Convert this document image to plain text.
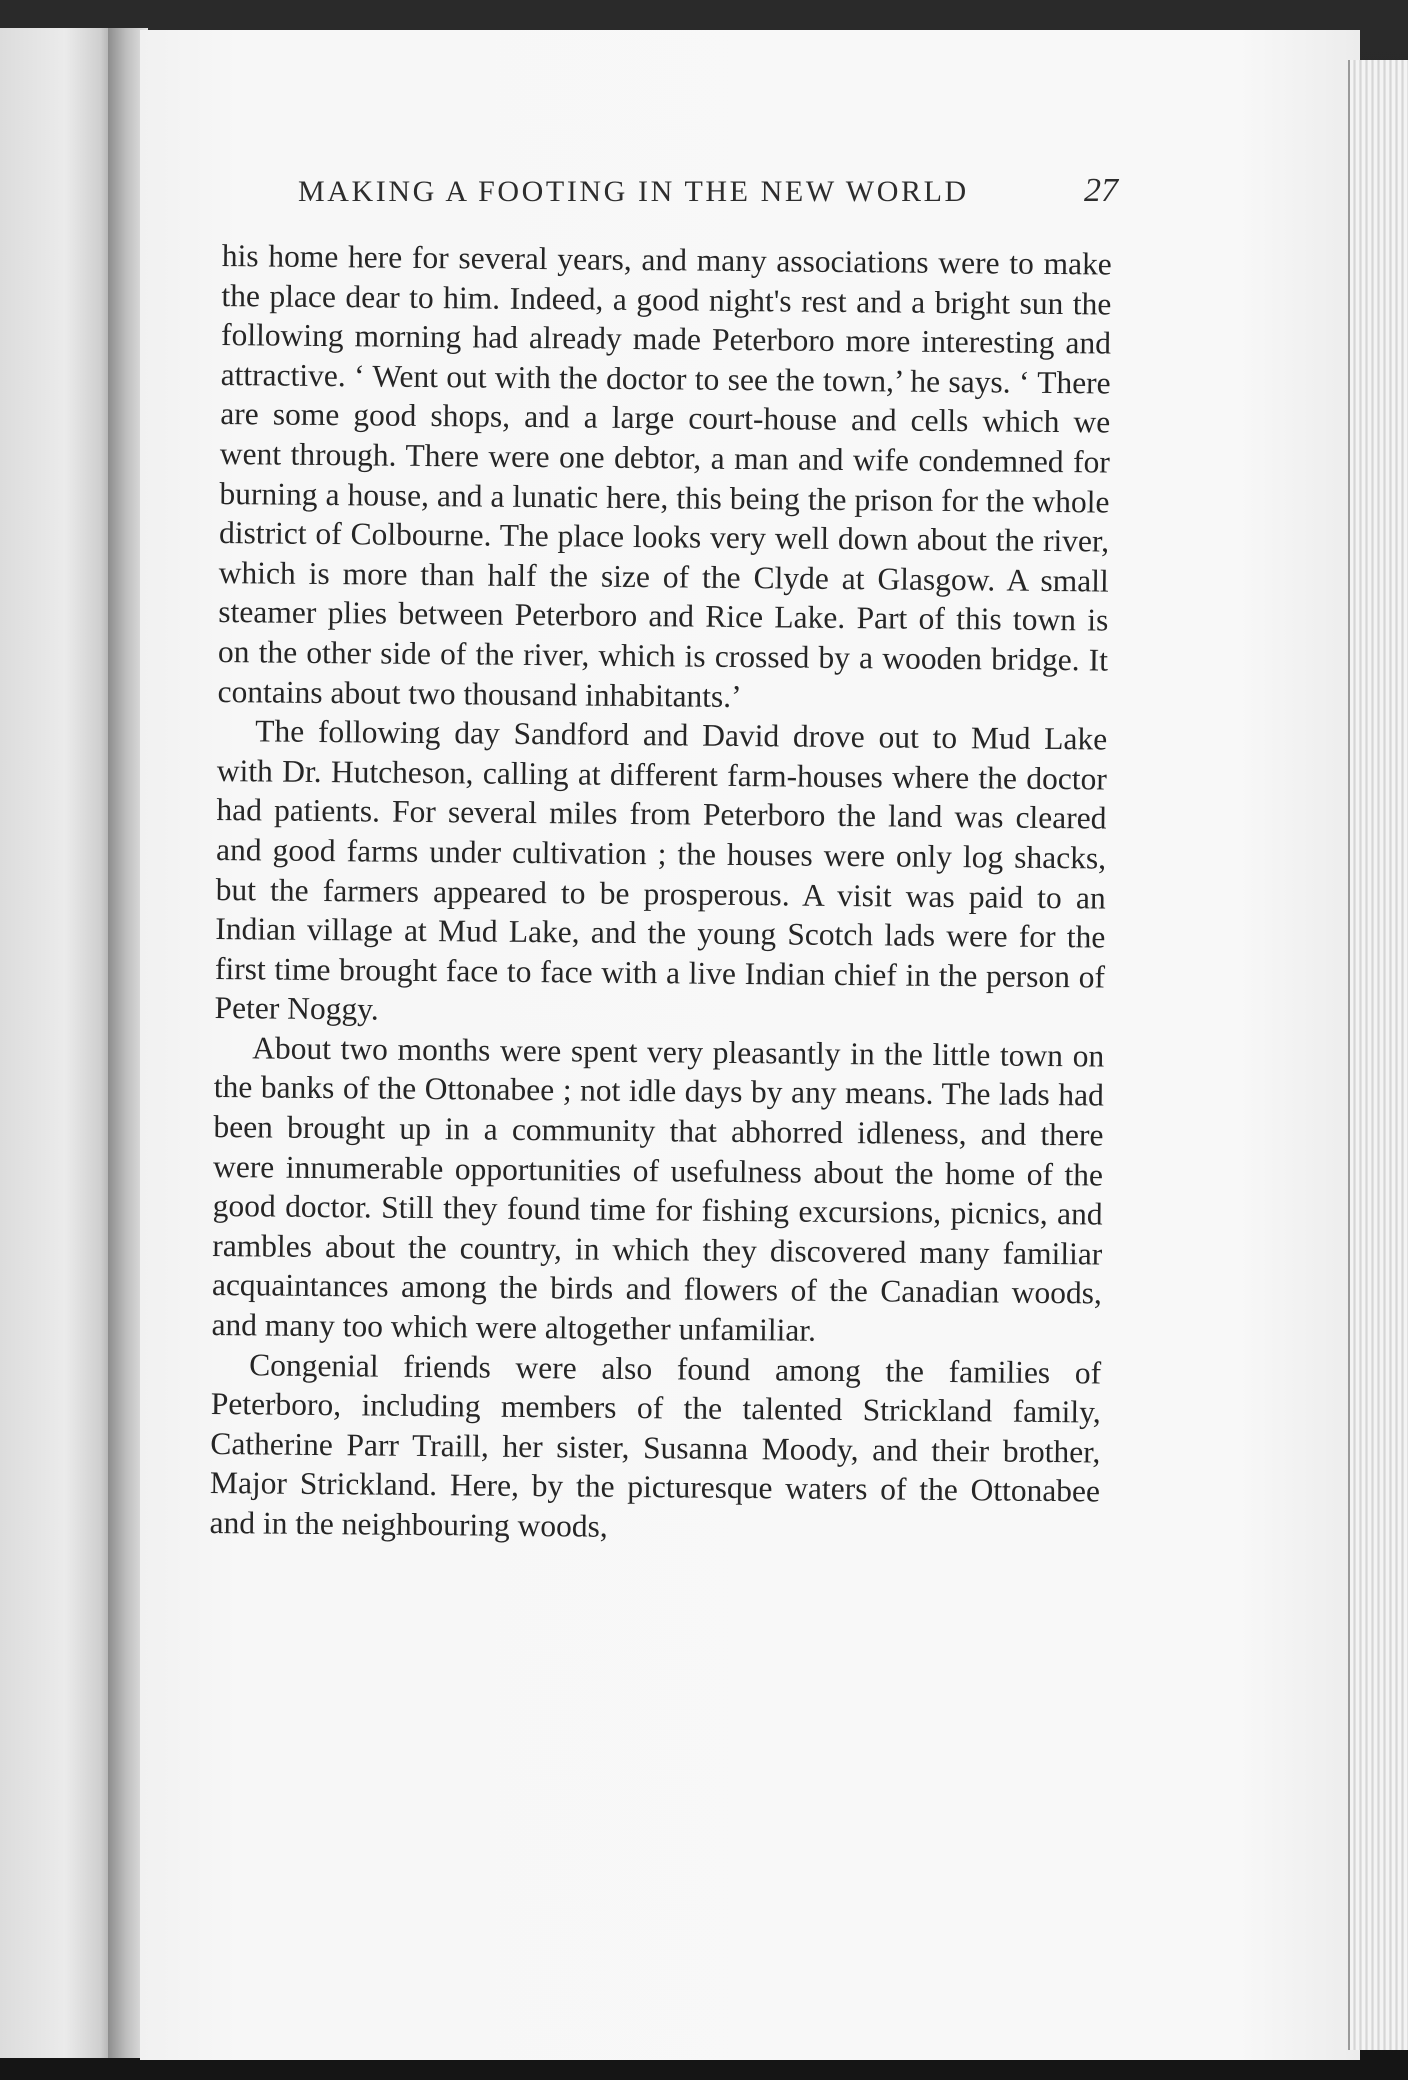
MAKING A FOOTING IN THE NEW WORLD	27

his home here for several years, and many associations were to make the place dear to him. Indeed, a good night's rest and a bright sun the following morning had already made Peterboro more interesting and attractive. ‘ Went out with the doctor to see the town,’ he says. ‘ There are some good shops, and a large court-house and cells which we went through. There were one debtor, a man and wife condemned for burning a house, and a lunatic here, this being the prison for the whole district of Colbourne. The place looks very well down about the river, which is more than half the size of the Clyde at Glasgow. A small steamer plies between Peterboro and Rice Lake. Part of this town is on the other side of the river, which is crossed by a wooden bridge. It contains about two thousand inhabitants.’

The following day Sandford and David drove out to Mud Lake with Dr. Hutcheson, calling at different farm-houses where the doctor had patients. For several miles from Peterboro the land was cleared and good farms under cultivation ; the houses were only log shacks, but the farmers appeared to be prosperous. A visit was paid to an Indian village at Mud Lake, and the young Scotch lads were for the first time brought face to face with a live Indian chief in the person of Peter Noggy.

About two months were spent very pleasantly in the little town on the banks of the Ottonabee ; not idle days by any means. The lads had been brought up in a community that abhorred idleness, and there were innumerable opportunities of usefulness about the home of the good doctor. Still they found time for fishing excursions, picnics, and rambles about the country, in which they discovered many familiar acquaintances among the birds and flowers of the Canadian woods, and many too which were altogether unfamiliar.

Congenial friends were also found among the families of Peterboro, including members of the talented Strickland family, Catherine Parr Traill, her sister, Susanna Moody, and their brother, Major Strickland. Here, by the picturesque waters of the Ottonabee and in the neighbouring woods,
